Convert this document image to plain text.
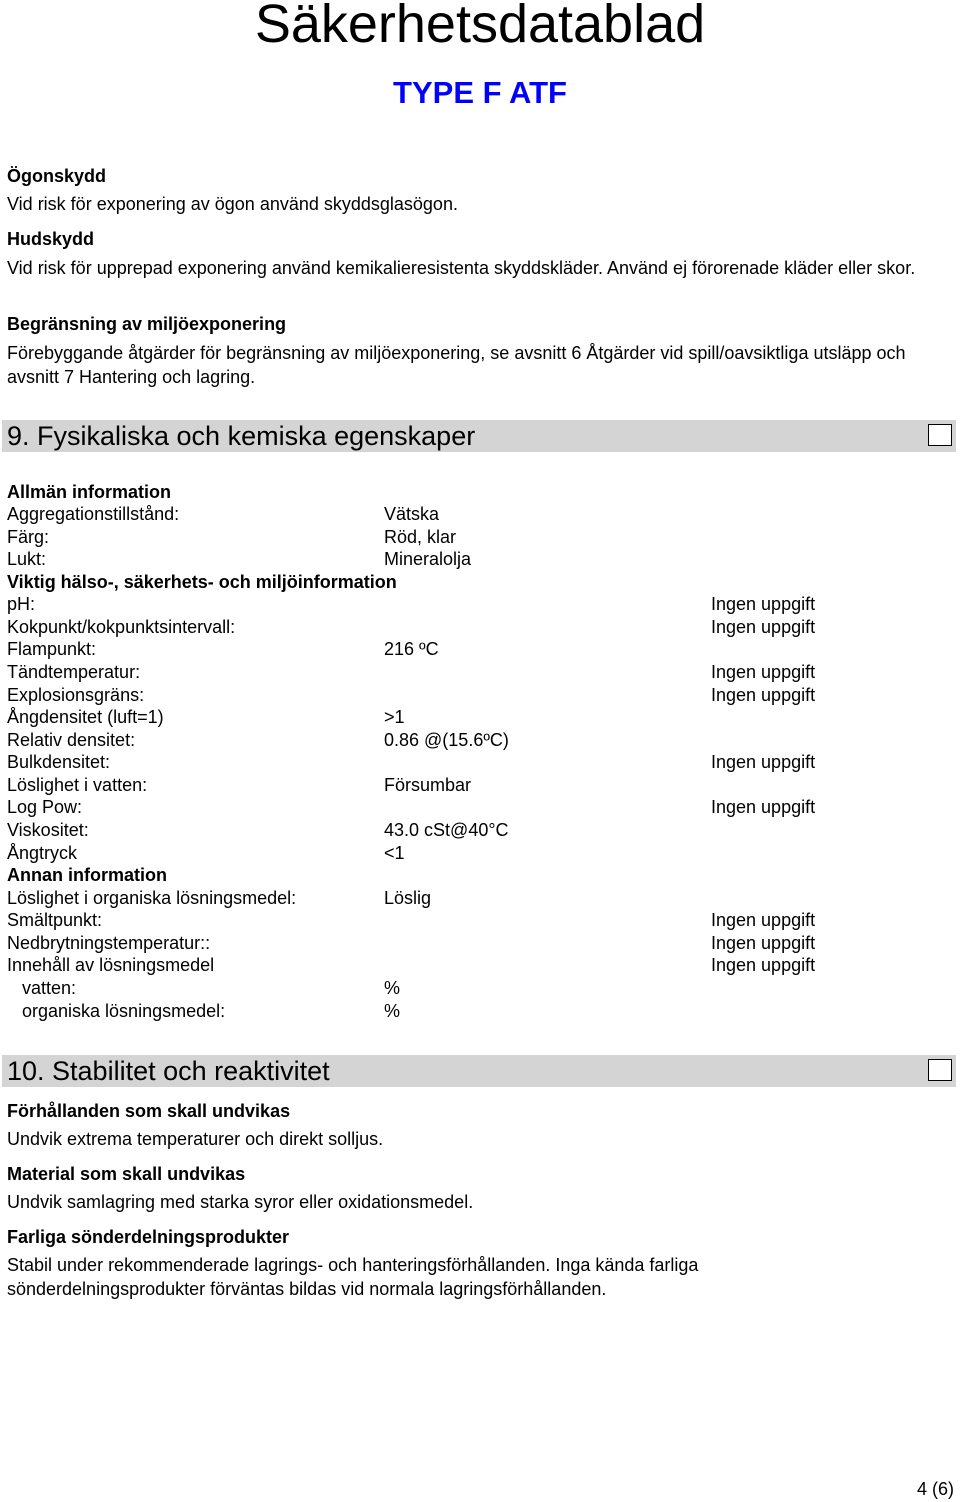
Säkerhetsdatablad
TYPE F ATF
Ögonskydd
Vid risk för exponering av ögon använd skyddsglasögon.
Hudskydd
Vid risk för upprepad exponering använd kemikalieresistenta skyddskläder. Använd ej förorenade kläder eller skor.
Begränsning av miljöexponering
Förebyggande åtgärder för begränsning av miljöexponering, se avsnitt 6 Åtgärder vid spill/oavsiktliga utsläpp och avsnitt 7 Hantering och lagring.
9. Fysikaliska och kemiska egenskaper
Allmän information
Aggregationstillstånd:	Vätska
Färg:	Röd, klar
Lukt:	Mineralolja
Viktig hälso-, säkerhets- och miljöinformation
pH:	Ingen uppgift
Kokpunkt/kokpunktsintervall:	Ingen uppgift
Flampunkt:	216 ºC
Tändtemperatur:	Ingen uppgift
Explosionsgräns:	Ingen uppgift
Ångdensitet (luft=1)	>1
Relativ densitet:	0.86 @(15.6ºC)
Bulkdensitet:	Ingen uppgift
Löslighet i vatten:	Försumbar
Log Pow:	Ingen uppgift
Viskositet:	43.0 cSt@40°C
Ångtryck	<1
Annan information
Löslighet i organiska lösningsmedel:	Löslig
Smältpunkt:	Ingen uppgift
Nedbrytningstemperatur::	Ingen uppgift
Innehåll av lösningsmedel	Ingen uppgift
vatten:	%
organiska lösningsmedel:	%
10. Stabilitet och reaktivitet
Förhållanden som skall undvikas
Undvik extrema temperaturer och direkt solljus.
Material som skall undvikas
Undvik samlagring med starka syror eller oxidationsmedel.
Farliga sönderdelningsprodukter
Stabil under rekommenderade lagrings- och hanteringsförhållanden. Inga kända farliga sönderdelningsprodukter förväntas bildas vid normala lagringsförhållanden.
4 (6)
